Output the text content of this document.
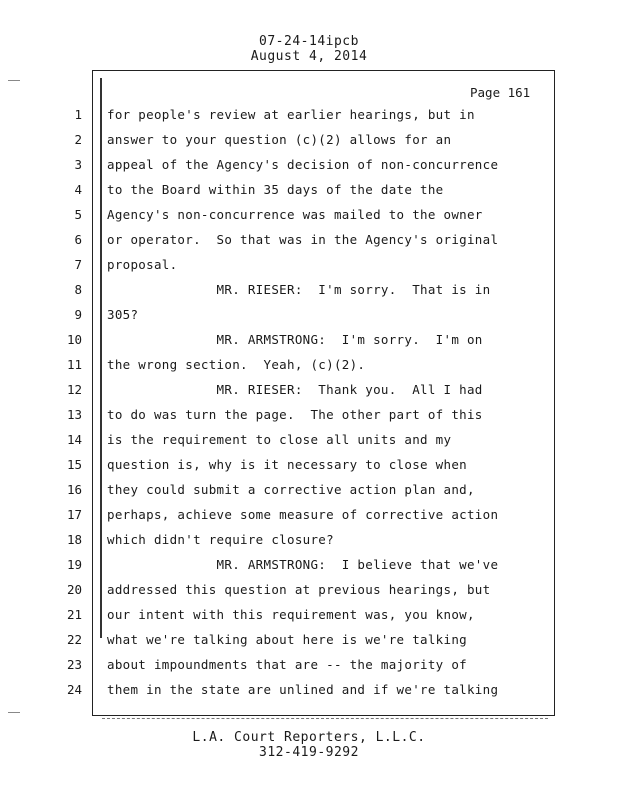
07-24-14ipcb
August 4, 2014
Page 161
1 for people's review at earlier hearings, but in
2 answer to your question (c)(2) allows for an
3 appeal of the Agency's decision of non-concurrence
4 to the Board within 35 days of the date the
5 Agency's non-concurrence was mailed to the owner
6 or operator.  So that was in the Agency's original
7 proposal.
8 MR. RIESER:  I'm sorry.  That is in
9 305?
10 MR. ARMSTRONG:  I'm sorry.  I'm on
11 the wrong section.  Yeah, (c)(2).
12 MR. RIESER:  Thank you.  All I had
13 to do was turn the page.  The other part of this
14 is the requirement to close all units and my
15 question is, why is it necessary to close when
16 they could submit a corrective action plan and,
17 perhaps, achieve some measure of corrective action
18 which didn't require closure?
19 MR. ARMSTRONG:  I believe that we've
20 addressed this question at previous hearings, but
21 our intent with this requirement was, you know,
22 what we're talking about here is we're talking
23 about impoundments that are -- the majority of
24 them in the state are unlined and if we're talking
L.A. Court Reporters, L.L.C.
312-419-9292
